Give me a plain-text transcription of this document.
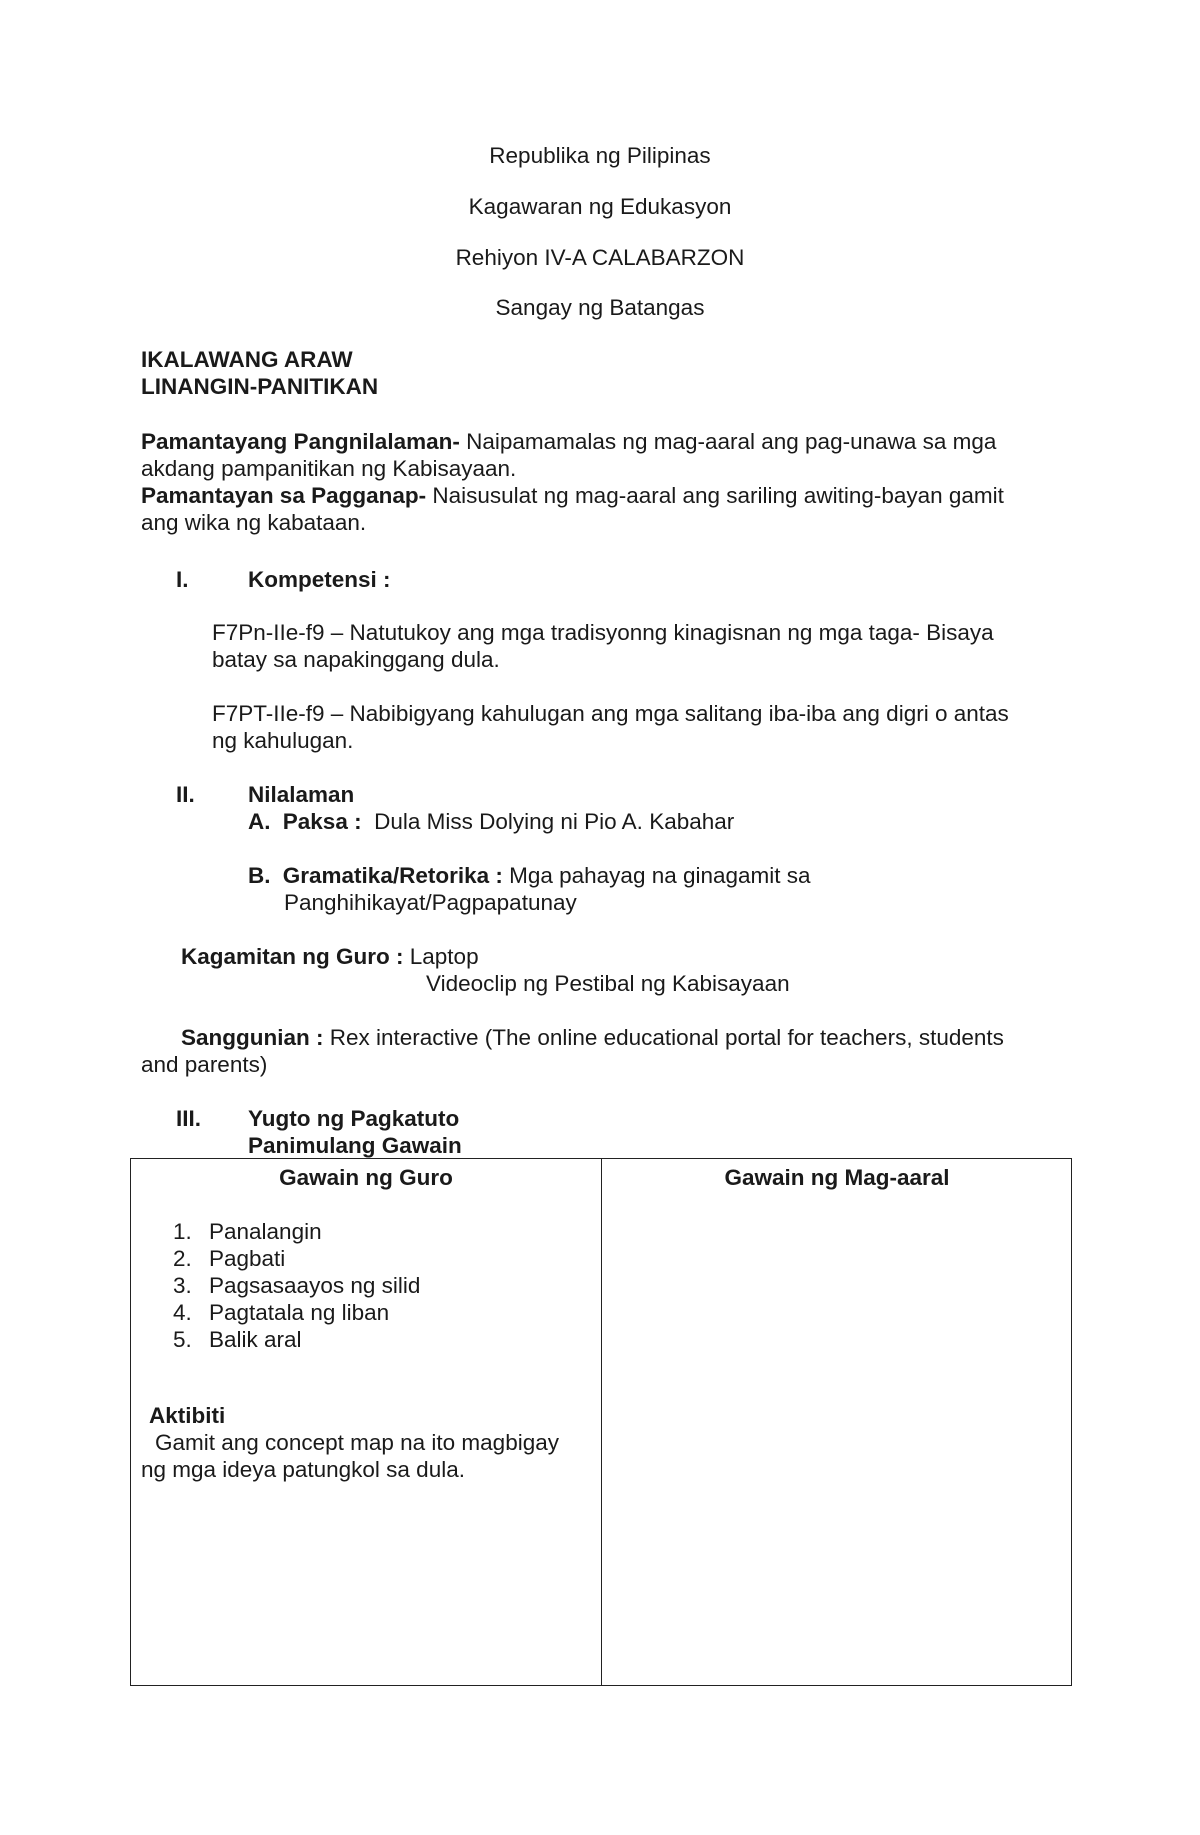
Republika ng Pilipinas
Kagawaran ng Edukasyon
Rehiyon IV-A CALABARZON
Sangay ng Batangas
IKALAWANG ARAW
LINANGIN-PANITIKAN
Pamantayang Pangnilalaman- Naipamamalas ng mag-aaral ang pag-unawa sa mga
akdang pampanitikan ng Kabisayaan.
Pamantayan sa Pagganap- Naisusulat ng mag-aaral ang sariling awiting-bayan gamit
ang wika ng kabataan.
I.	Kompetensi :
F7Pn-IIe-f9 – Natutukoy ang mga tradisyonng kinagisnan ng mga taga- Bisaya
batay sa napakinggang dula.
F7PT-IIe-f9 – Nabibigyang kahulugan ang mga salitang iba-iba ang digri o antas
ng kahulugan.
II. Nilalaman
A. Paksa :  Dula Miss Dolying ni Pio A. Kabahar
B. Gramatika/Retorika : Mga pahayag na ginagamit sa
Panghihikayat/Pagpapatunay
Kagamitan ng Guro : Laptop
Videoclip ng Pestibal ng Kabisayaan
Sanggunian : Rex interactive (The online educational portal for teachers, students
and parents)
III. Yugto ng Pagkatuto
Panimulang Gawain
Gawain ng Guro	Gawain ng Mag-aaral
1. Panalangin
2. Pagbati
3. Pagsasaayos ng silid
4. Pagtatala ng liban
5. Balik aral
Aktibiti
Gamit ang concept map na ito magbigay
ng mga ideya patungkol sa dula.
